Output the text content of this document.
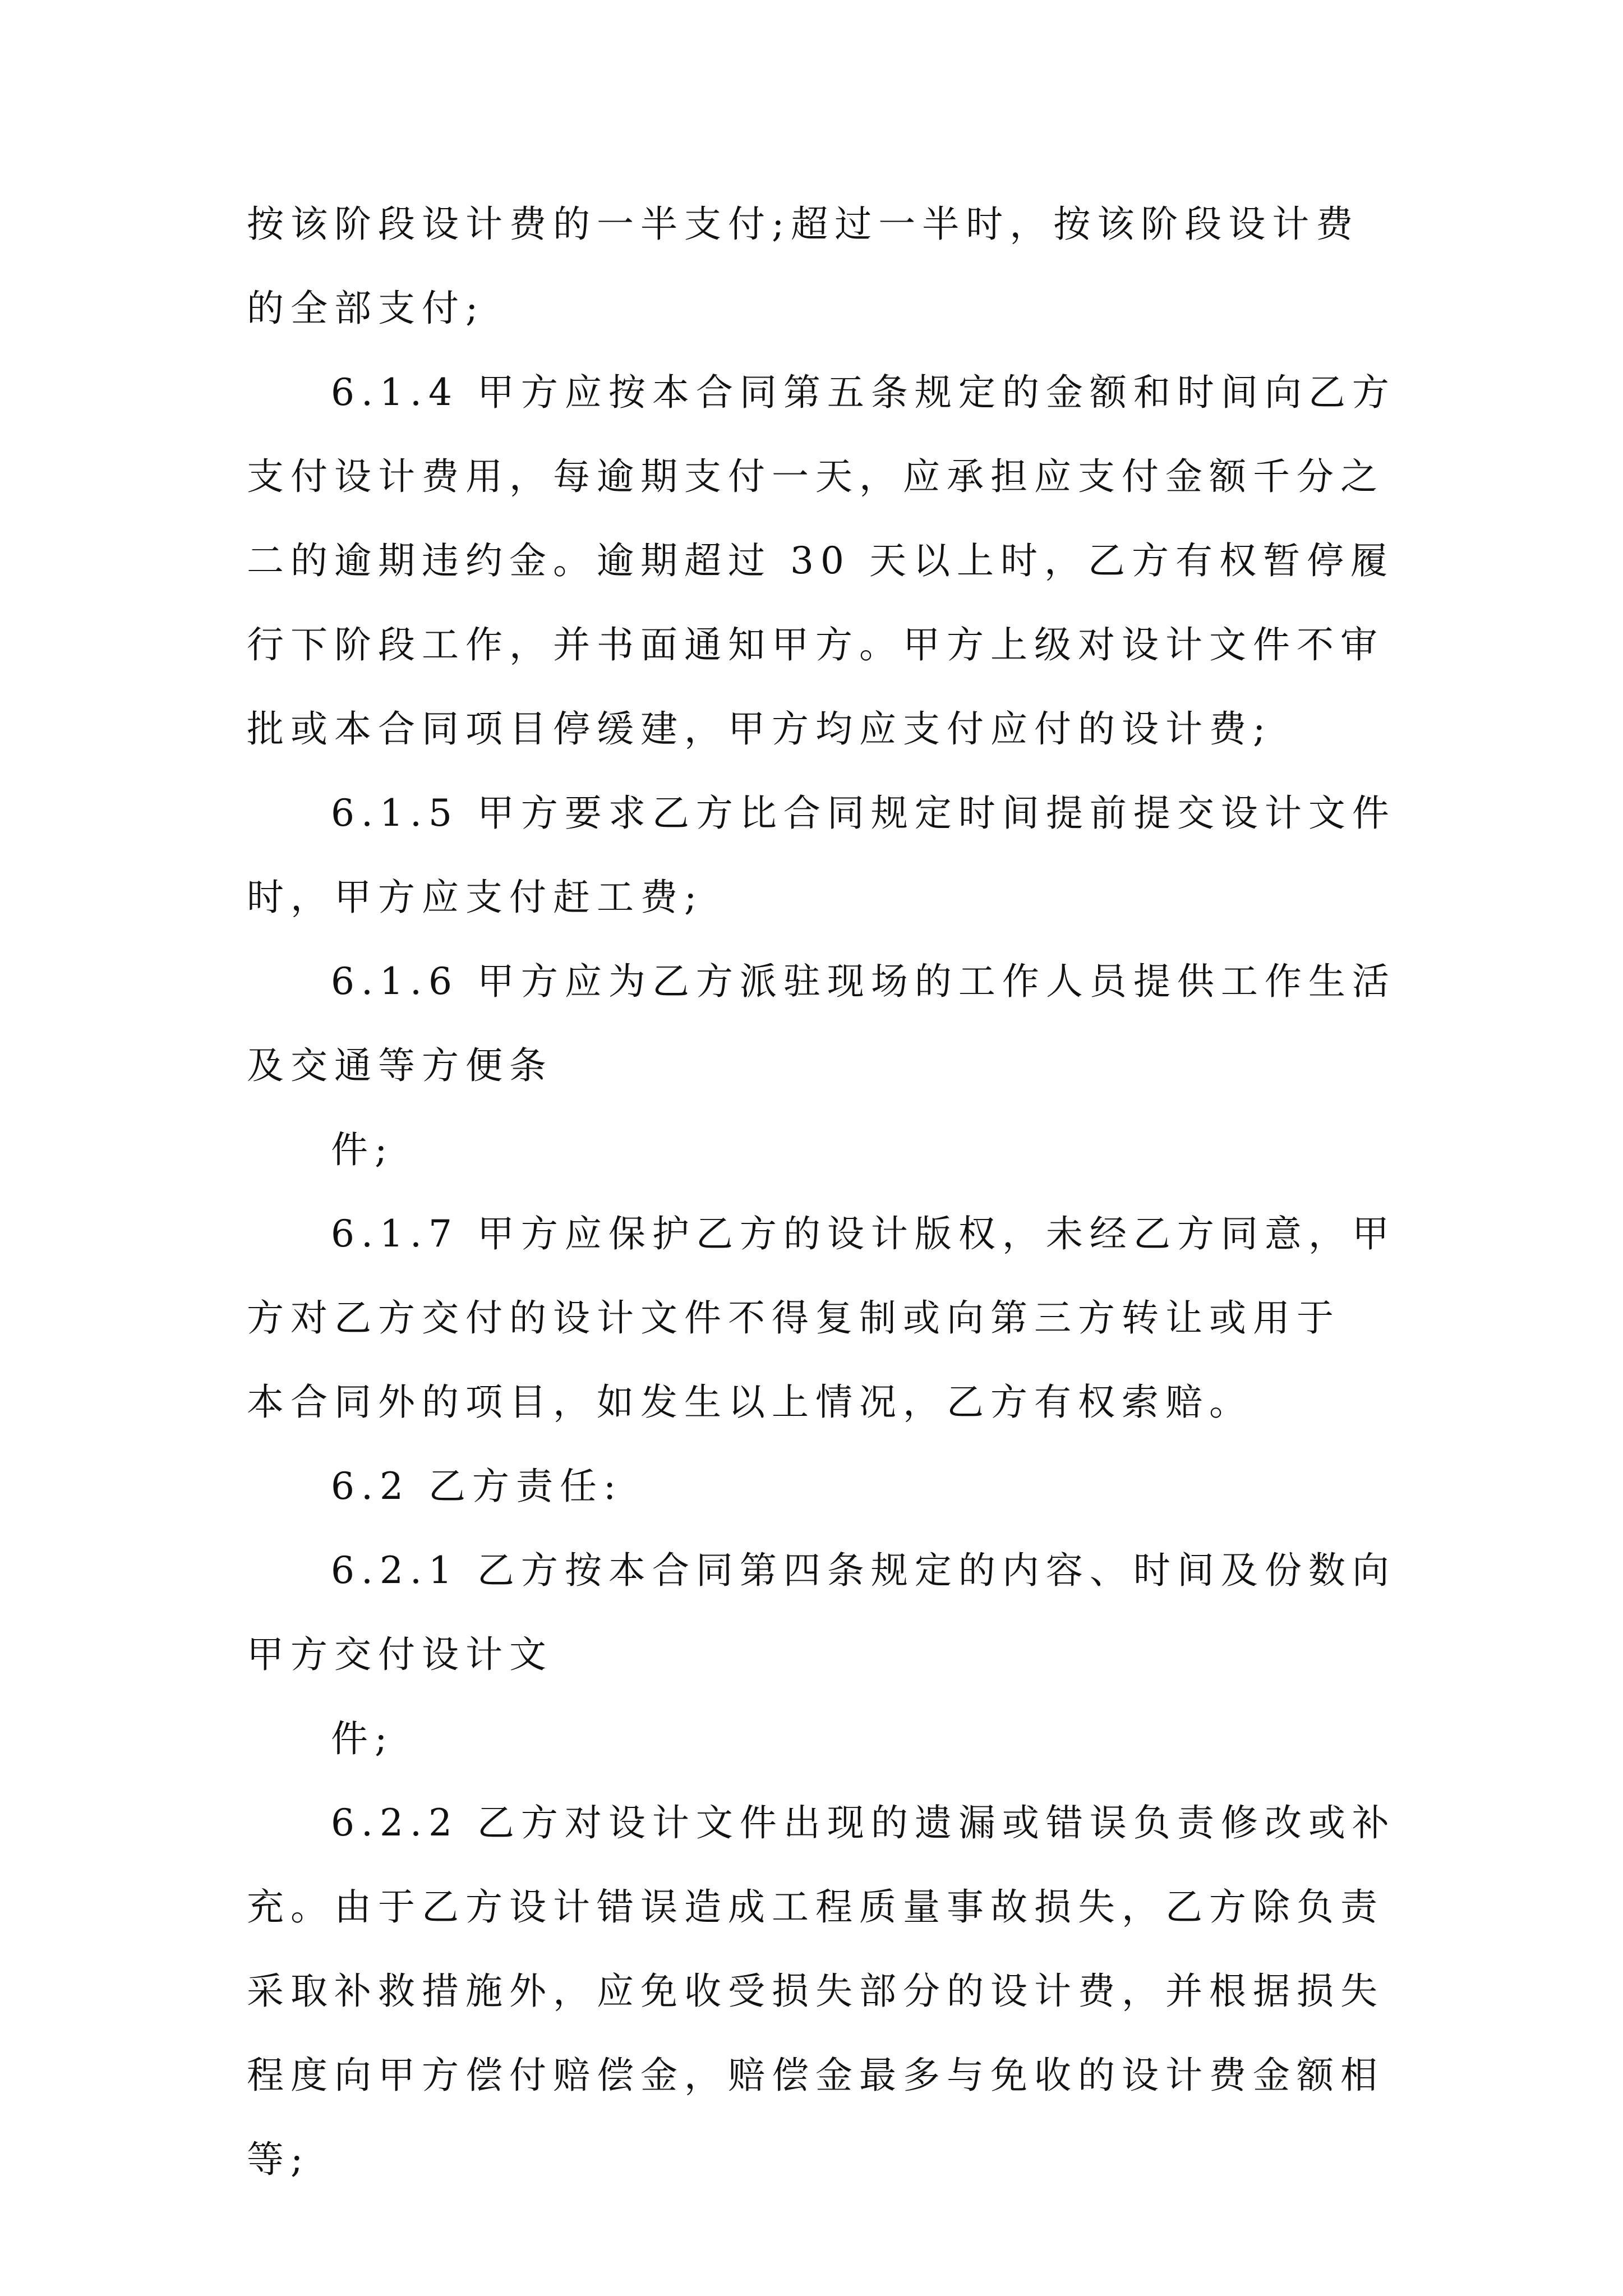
按该阶段设计费的一半支付;超过一半时，按该阶段设计费

的全部支付;

6.1.4 甲方应按本合同第五条规定的金额和时间向乙方

支付设计费用，每逾期支付一天，应承担应支付金额千分之

二的逾期违约金。逾期超过 30 天以上时，乙方有权暂停履

行下阶段工作，并书面通知甲方。甲方上级对设计文件不审

批或本合同项目停缓建，甲方均应支付应付的设计费;

6.1.5 甲方要求乙方比合同规定时间提前提交设计文件

时，甲方应支付赶工费;

6.1.6 甲方应为乙方派驻现场的工作人员提供工作生活

及交通等方便条

件;

6.1.7 甲方应保护乙方的设计版权，未经乙方同意，甲

方对乙方交付的设计文件不得复制或向第三方转让或用于

本合同外的项目，如发生以上情况，乙方有权索赔。

6.2 乙方责任:

6.2.1 乙方按本合同第四条规定的内容、时间及份数向

甲方交付设计文

件;

6.2.2 乙方对设计文件出现的遗漏或错误负责修改或补

充。由于乙方设计错误造成工程质量事故损失，乙方除负责

采取补救措施外，应免收受损失部分的设计费，并根据损失

程度向甲方偿付赔偿金，赔偿金最多与免收的设计费金额相

等;
